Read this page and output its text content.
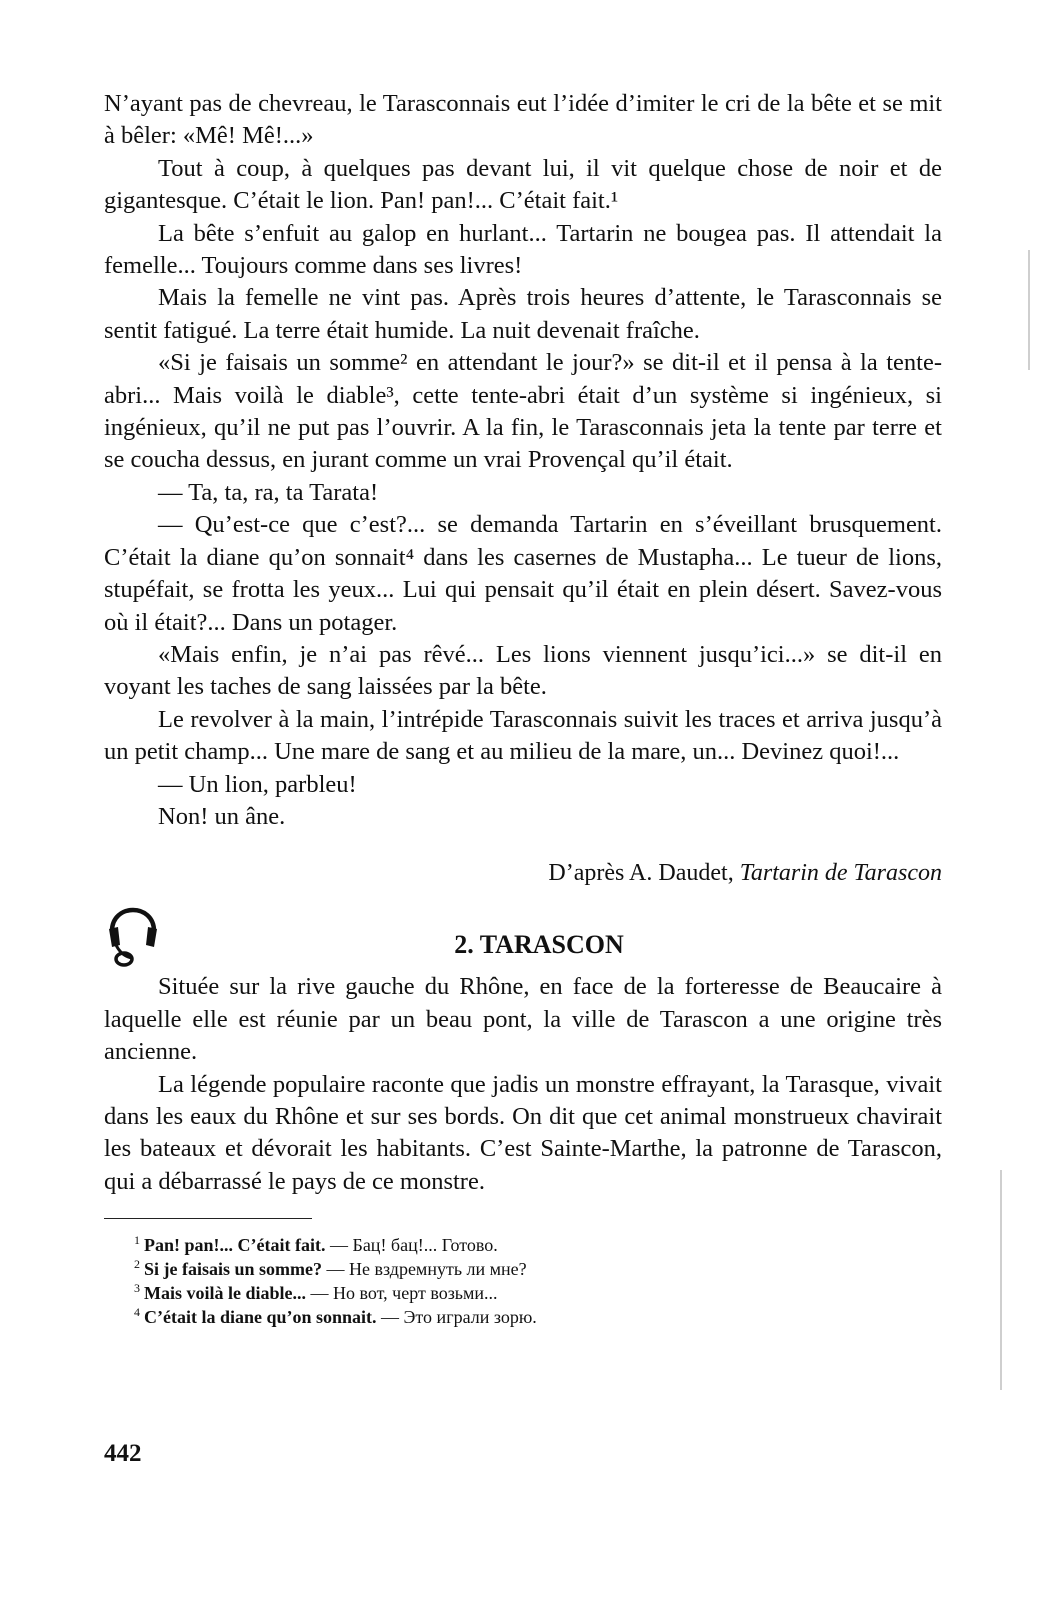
N’ayant pas de chevreau, le Tarasconnais eut l’idée d’imiter le cri de la bête et se mit à bêler: «Mê! Mê!...»

Tout à coup, à quelques pas devant lui, il vit quelque chose de noir et de gigantesque. C’était le lion. Pan! pan!... C’était fait.¹

La bête s’enfuit au galop en hurlant... Tartarin ne bougea pas. Il attendait la femelle... Toujours comme dans ses livres!

Mais la femelle ne vint pas. Après trois heures d’attente, le Tarasconnais se sentit fatigué. La terre était humide. La nuit devenait fraîche.

«Si je faisais un somme² en attendant le jour?» se dit-il et il pensa à la tente-abri... Mais voilà le diable³, cette tente-abri était d’un système si ingénieux, si ingénieux, qu’il ne put pas l’ouvrir. A la fin, le Tarasconnais jeta la tente par terre et se coucha dessus, en jurant comme un vrai Provençal qu’il était.

— Ta, ta, ra, ta Tarata!

— Qu’est-ce que c’est?... se demanda Tartarin en s’éveillant brusquement. C’était la diane qu’on sonnait⁴ dans les casernes de Mustapha... Le tueur de lions, stupéfait, se frotta les yeux... Lui qui pensait qu’il était en plein désert. Savez-vous où il était?... Dans un potager.

«Mais enfin, je n’ai pas rêvé... Les lions viennent jusqu’ici...» se dit-il en voyant les taches de sang laissées par la bête.

Le revolver à la main, l’intrépide Tarasconnais suivit les traces et arriva jusqu’à un petit champ... Une mare de sang et au milieu de la mare, un... Devinez quoi!...

— Un lion, parbleu!

Non! un âne.

D’après A. Daudet, Tartarin de Tarascon

2. TARASCON

Située sur la rive gauche du Rhône, en face de la forteresse de Beaucaire à laquelle elle est réunie par un beau pont, la ville de Tarascon a une origine très ancienne.

La légende populaire raconte que jadis un monstre effrayant, la Tarasque, vivait dans les eaux du Rhône et sur ses bords. On dit que cet animal monstrueux chavirait les bateaux et dévorait les habitants. C’est Sainte-Marthe, la patronne de Tarascon, qui a débarrassé le pays de ce monstre.

$^1$ Pan! pan!... C’était fait. — Бац! бац!... Готово.
$^2$ Si je faisais un somme? — Не вздремнуть ли мне?
$^3$ Mais voilà le diable... — Но вот, черт возьми...
$^4$ C’était la diane qu’on sonnait. — Это играли зорю.
442
